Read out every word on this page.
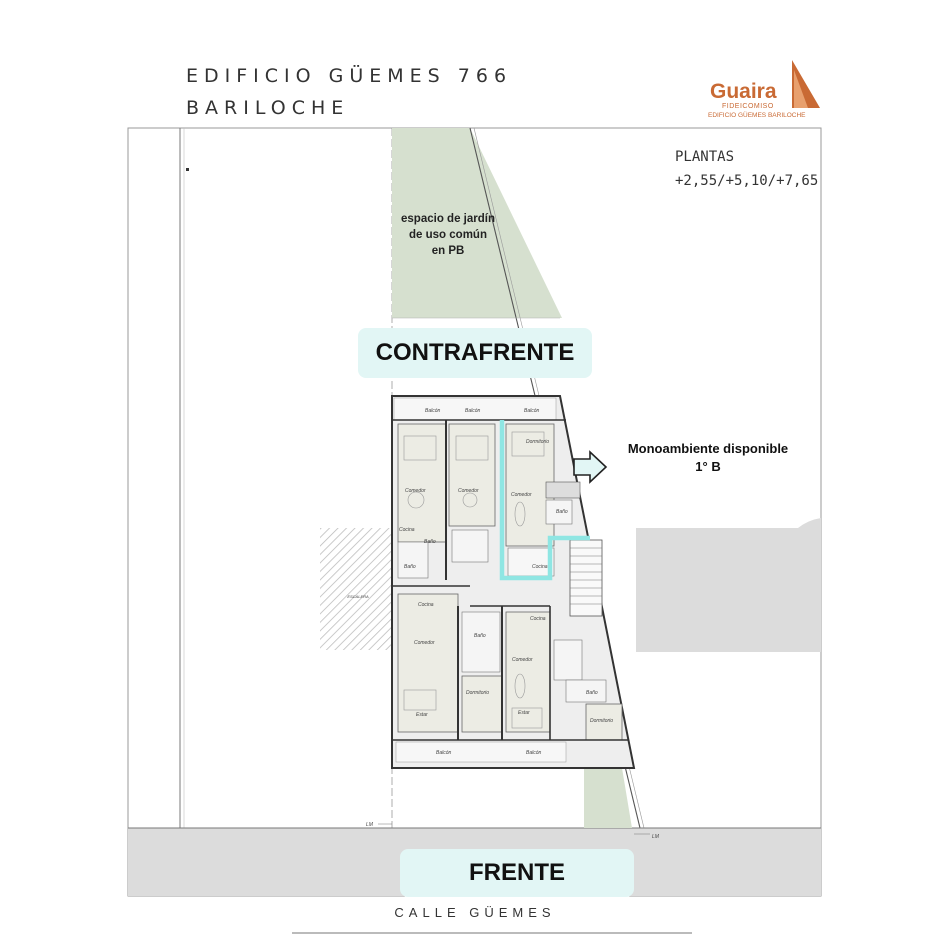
EDIFICIO GÜEMES 766
BARILOCHE
Guaira
FIDEICOMISO
EDIFICIO GÜEMES BARILOCHE
ESCALERA
Balcón	Balcón	Balcón
Dormitorio
Comedor	Comedor
Comedor
Baño
Cocina
Baño
Cocina
Baño
Cocina
Cocina
Baño
Comedor
Comedor
Baño
Dormitorio
Dormitorio
Estar	Estar
Balcón	Balcón
LM
LM
PLANTAS
+2,55/+5,10/+7,65
espacio de jardín
de uso común
en PB
CONTRAFRENTE
Monoambiente disponible
1° B
FRENTE
CALLE GÜEMES
